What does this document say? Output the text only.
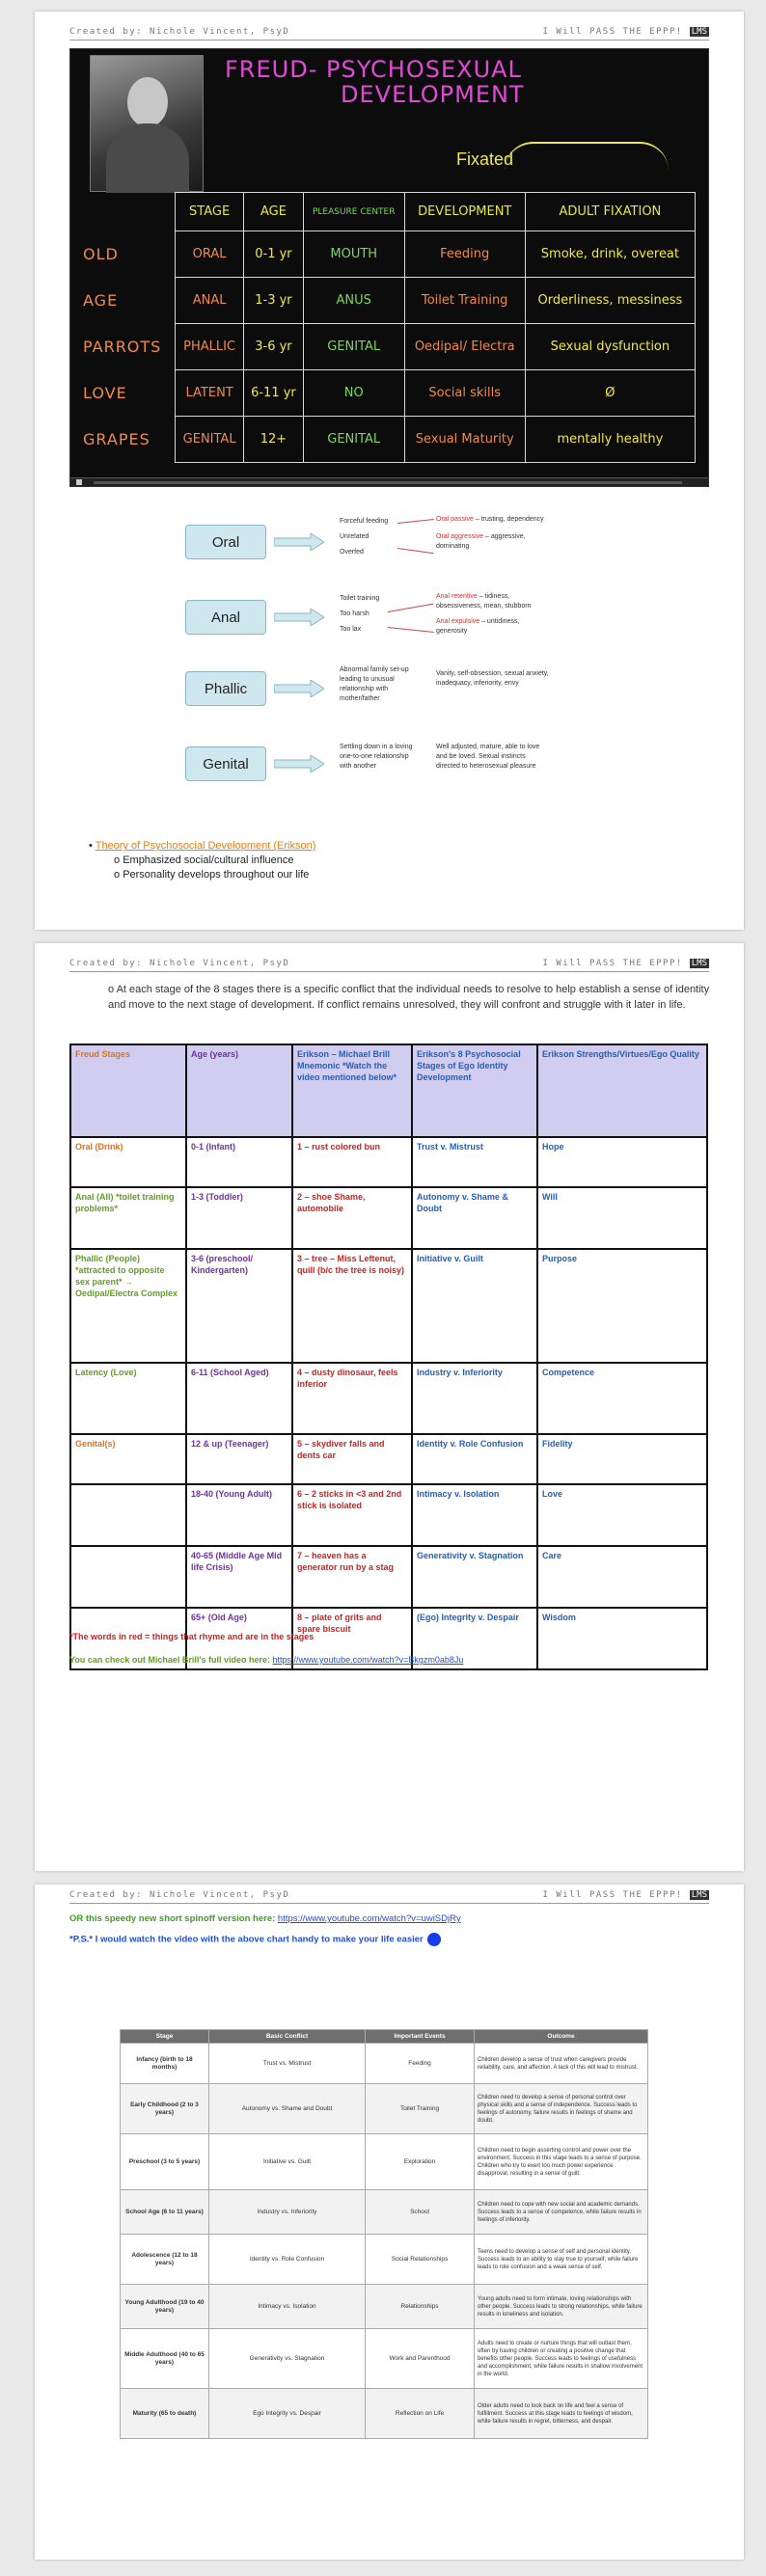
Created by: Nichole Vincent, PsyD	I Will PASS THE EPPP! LMS
FREUD- PSYCHOSEXUAL
DEVELOPMENT
Fixated
	STAGE	AGE	PLEASURE CENTER	DEVELOPMENT	ADULT FIXATION
OLD	ORAL	0-1 yr	MOUTH	Feeding	Smoke, drink, overeat
AGE	ANAL	1-3 yr	ANUS	Toilet Training	Orderliness, messiness
PARROTS	PHALLIC	3-6 yr	GENITAL	Oedipal/ Electra	Sexual dysfunction
LOVE	LATENT	6-11 yr	NO	Social skills	Ø
GRAPES	GENITAL	12+	GENITAL	Sexual Maturity	mentally healthy
Oral
Forceful feeding
Unrelated
Overfed
Oral passive – trusting, dependency
Oral aggressive – aggressive, dominating
Anal
Toilet training
Too harsh
Too lax
Anal retentive – tidiness, obsessiveness, mean, stubborn
Anal expulsive – untidiness, generosity
Phallic
Abnormal family set-up leading to unusual relationship with mother/father
Vanity, self-obsession, sexual anxiety, inadequacy, inferiority, envy
Genital
Settling down in a loving one-to-one relationship with another
Well adjusted, mature, able to love and be loved. Sexual instincts directed to heterosexual pleasure
• Theory of Psychosocial Development (Erikson)
o Emphasized social/cultural influence
o Personality develops throughout our life
Created by: Nichole Vincent, PsyD	I Will PASS THE EPPP! LMS
o At each stage of the 8 stages there is a specific conflict that the individual needs to resolve to help establish a sense of identity and move to the next stage of development. If conflict remains unresolved, they will confront and struggle with it later in life.
Freud Stages	Age (years)	Erikson – Michael Brill Mnemonic *Watch the video mentioned below*	Erikson's 8 Psychosocial Stages of Ego Identity Development	Erikson Strengths/Virtues/Ego Quality
Oral (Drink)	0-1 (Infant)	1 – rust colored bun	Trust v. Mistrust	Hope
Anal (All) *toilet training problems*	1-3 (Toddler)	2 – shoe Shame, automobile	Autonomy v. Shame & Doubt	Will
Phallic (People) *attracted to opposite sex parent* → Oedipal/Electra Complex	3-6 (preschool/ Kindergarten)	3 – tree – Miss Leftenut, quill (b/c the tree is noisy)	Initiative v. Guilt	Purpose
Latency (Love)	6-11 (School Aged)	4 – dusty dinosaur, feels inferior	Industry v. Inferiority	Competence
Genital(s)	12 & up (Teenager)	5 – skydiver falls and dents car	Identity v. Role Confusion	Fidelity
	18-40 (Young Adult)	6 – 2 sticks in <3 and 2nd stick is isolated	Intimacy v. Isolation	Love
	40-65 (Middle Age Mid life Crisis)	7 – heaven has a generator run by a stag	Generativity v. Stagnation	Care
	65+ (Old Age)	8 – plate of grits and spare biscuit	(Ego) Integrity v. Despair	Wisdom
*The words in red = things that rhyme and are in the stages
You can check out Michael Brill's full video here: https://www.youtube.com/watch?v=Bkgzm0ab8Ju
Created by: Nichole Vincent, PsyD	I Will PASS THE EPPP! LMS
OR this speedy new short spinoff version here: https://www.youtube.com/watch?v=uwiSDjRy
*P.S.* I would watch the video with the above chart handy to make your life easier
Stage	Basic Conflict	Important Events	Outcome
Infancy (birth to 18 months)	Trust vs. Mistrust	Feeding	Children develop a sense of trust when caregivers provide reliability, care, and affection. A lack of this will lead to mistrust.
Early Childhood (2 to 3 years)	Autonomy vs. Shame and Doubt	Toilet Training	Children need to develop a sense of personal control over physical skills and a sense of independence. Success leads to feelings of autonomy, failure results in feelings of shame and doubt.
Preschool (3 to 5 years)	Initiative vs. Guilt	Exploration	Children need to begin asserting control and power over the environment. Success in this stage leads to a sense of purpose. Children who try to exert too much power experience disapproval, resulting in a sense of guilt.
School Age (6 to 11 years)	Industry vs. Inferiority	School	Children need to cope with new social and academic demands. Success leads to a sense of competence, while failure results in feelings of inferiority.
Adolescence (12 to 18 years)	Identity vs. Role Confusion	Social Relationships	Teens need to develop a sense of self and personal identity. Success leads to an ability to stay true to yourself, while failure leads to role confusion and a weak sense of self.
Young Adulthood (19 to 40 years)	Intimacy vs. Isolation	Relationships	Young adults need to form intimate, loving relationships with other people. Success leads to strong relationships, while failure results in loneliness and isolation.
Middle Adulthood (40 to 65 years)	Generativity vs. Stagnation	Work and Parenthood	Adults need to create or nurture things that will outlast them, often by having children or creating a positive change that benefits other people. Success leads to feelings of usefulness and accomplishment, while failure results in shallow involvement in the world.
Maturity (65 to death)	Ego Integrity vs. Despair	Reflection on Life	Older adults need to look back on life and feel a sense of fulfillment. Success at this stage leads to feelings of wisdom, while failure results in regret, bitterness, and despair.
